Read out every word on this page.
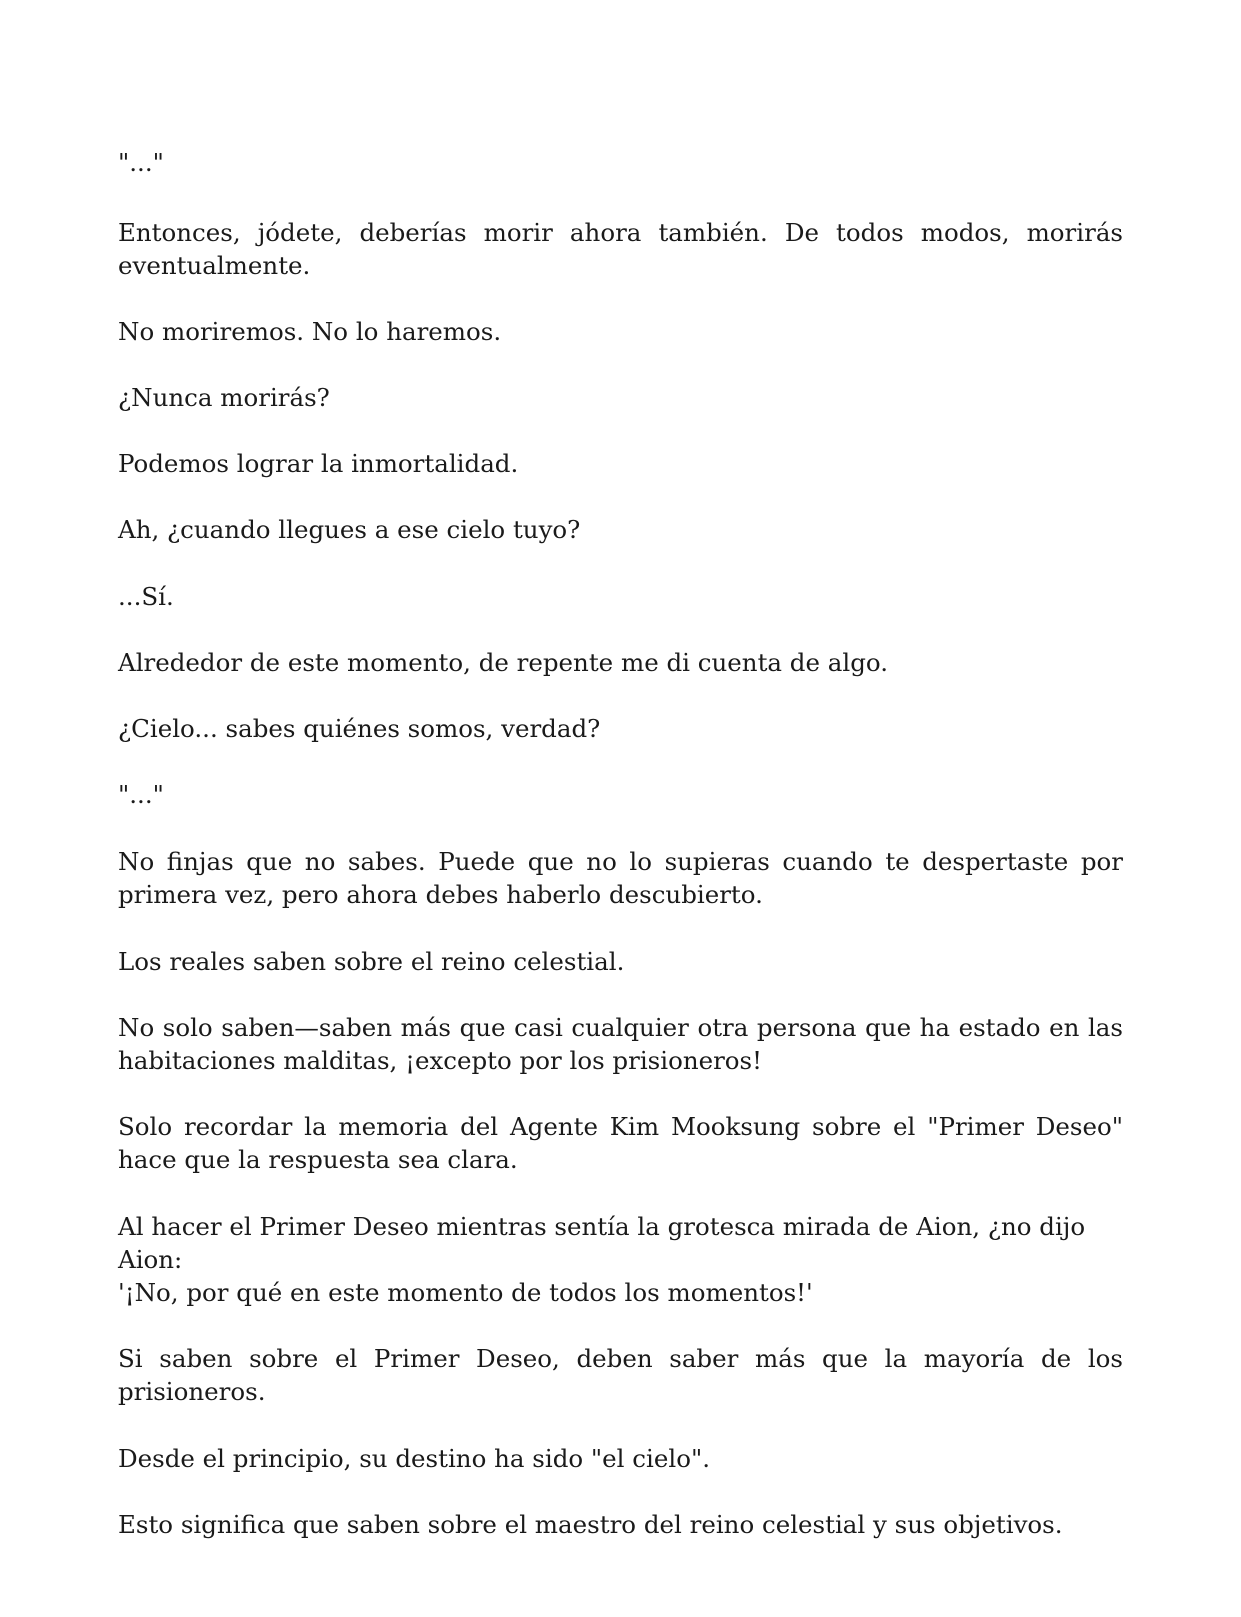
"..."

Entonces, jódete, deberías morir ahora también. De todos modos, morirás eventualmente.

No moriremos. No lo haremos.

¿Nunca morirás?

Podemos lograr la inmortalidad.

Ah, ¿cuando llegues a ese cielo tuyo?

...Sí.

Alrededor de este momento, de repente me di cuenta de algo.

¿Cielo... sabes quiénes somos, verdad?

"..."

No finjas que no sabes. Puede que no lo supieras cuando te despertaste por primera vez, pero ahora debes haberlo descubierto.

Los reales saben sobre el reino celestial.

No solo saben—saben más que casi cualquier otra persona que ha estado en las habitaciones malditas, ¡excepto por los prisioneros!

Solo recordar la memoria del Agente Kim Mooksung sobre el "Primer Deseo" hace que la respuesta sea clara.

Al hacer el Primer Deseo mientras sentía la grotesca mirada de Aion, ¿no dijo Aion:

'¡No, por qué en este momento de todos los momentos!'

Si saben sobre el Primer Deseo, deben saber más que la mayoría de los prisioneros.

Desde el principio, su destino ha sido "el cielo".

Esto significa que saben sobre el maestro del reino celestial y sus objetivos.
